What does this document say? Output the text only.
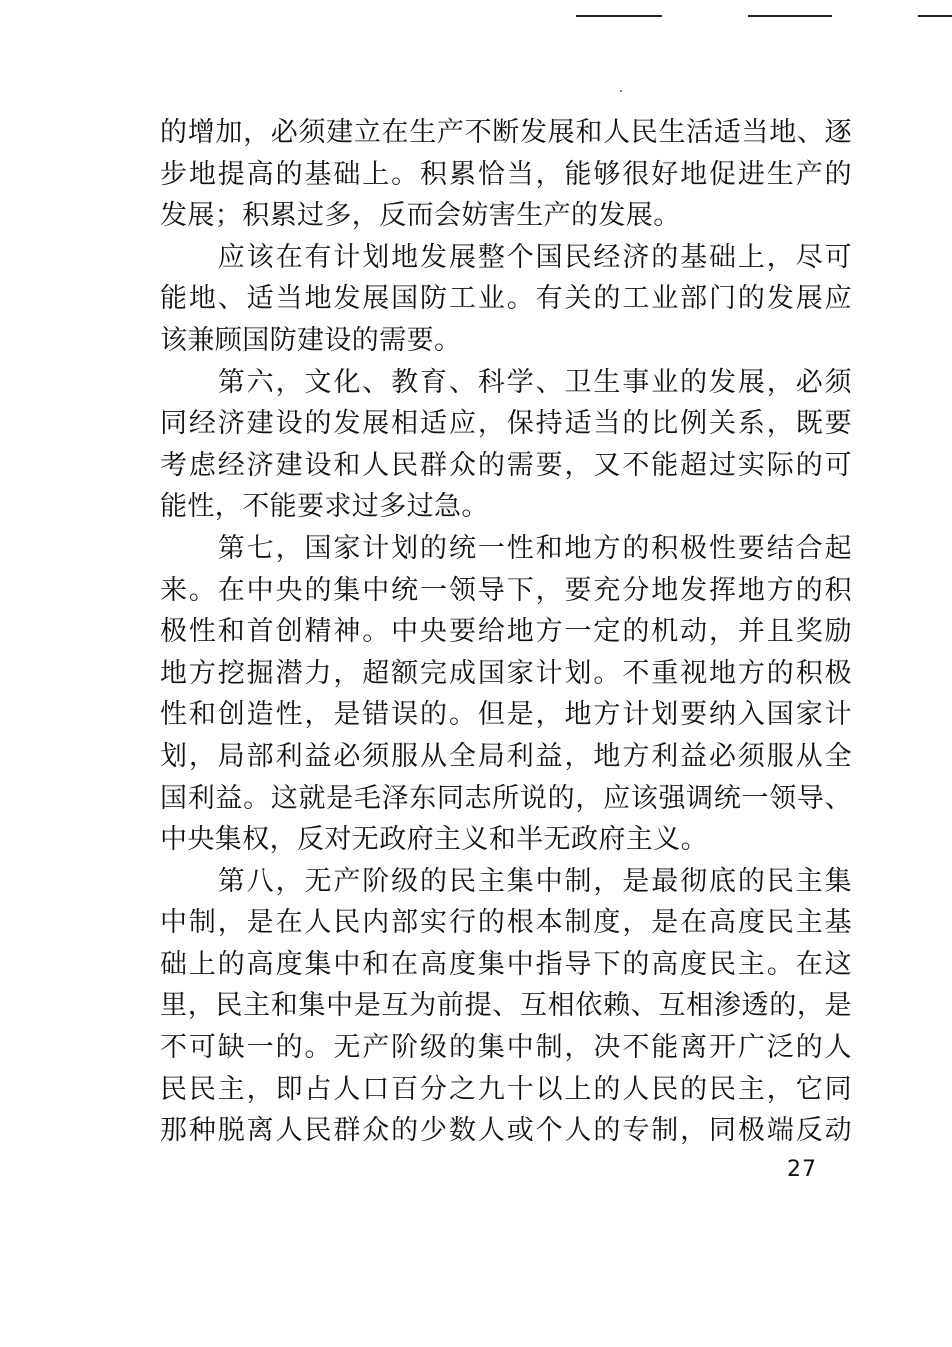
的增加，必须建立在生产不断发展和人民生活适当地、逐
步地提高的基础上。积累恰当，能够很好地促进生产的
发展；积累过多，反而会妨害生产的发展。

　　应该在有计划地发展整个国民经济的基础上，尽可
能地、适当地发展国防工业。有关的工业部门的发展应
该兼顾国防建设的需要。

　　第六，文化、教育、科学、卫生事业的发展，必须
同经济建设的发展相适应，保持适当的比例关系，既要
考虑经济建设和人民群众的需要，又不能超过实际的可
能性，不能要求过多过急。

　　第七，国家计划的统一性和地方的积极性要结合起
来。在中央的集中统一领导下，要充分地发挥地方的积
极性和首创精神。中央要给地方一定的机动，并且奖励
地方挖掘潜力，超额完成国家计划。不重视地方的积极
性和创造性，是错误的。但是，地方计划要纳入国家计
划，局部利益必须服从全局利益，地方利益必须服从全
国利益。这就是毛泽东同志所说的，应该强调统一领导、
中央集权，反对无政府主义和半无政府主义。

　　第八，无产阶级的民主集中制，是最彻底的民主集
中制，是在人民内部实行的根本制度，是在高度民主基
础上的高度集中和在高度集中指导下的高度民主。在这
里，民主和集中是互为前提、互相依赖、互相渗透的，是
不可缺一的。无产阶级的集中制，决不能离开广泛的人
民民主，即占人口百分之九十以上的人民的民主，它同
那种脱离人民群众的少数人或个人的专制，同极端反动

27
